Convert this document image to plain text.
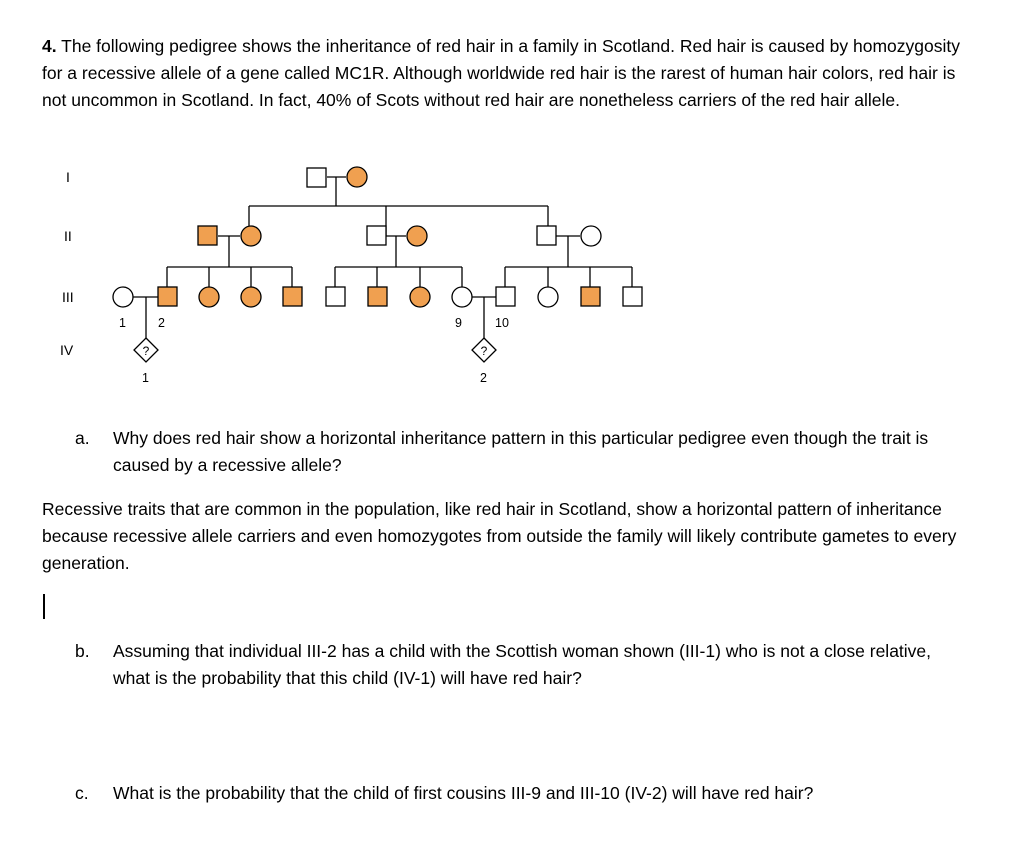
4. The following pedigree shows the inheritance of red hair in a family in Scotland. Red hair is caused by homozygosity for a recessive allele of a gene called MC1R. Although worldwide red hair is the rarest of human hair colors, red hair is not uncommon in Scotland. In fact, 40% of Scots without red hair are nonetheless carriers of the red hair allele.
I
II
III
IV
1	2	9	10
1	2
?	?
a. Why does red hair show a horizontal inheritance pattern in this particular pedigree even though the trait is caused by a recessive allele?
Recessive traits that are common in the population, like red hair in Scotland, show a horizontal pattern of inheritance because recessive allele carriers and even homozygotes from outside the family will likely contribute gametes to every generation.
b. Assuming that individual III-2 has a child with the Scottish woman shown (III-1) who is not a close relative, what is the probability that this child (IV-1) will have red hair?
c. What is the probability that the child of first cousins III-9 and III-10 (IV-2) will have red hair?
